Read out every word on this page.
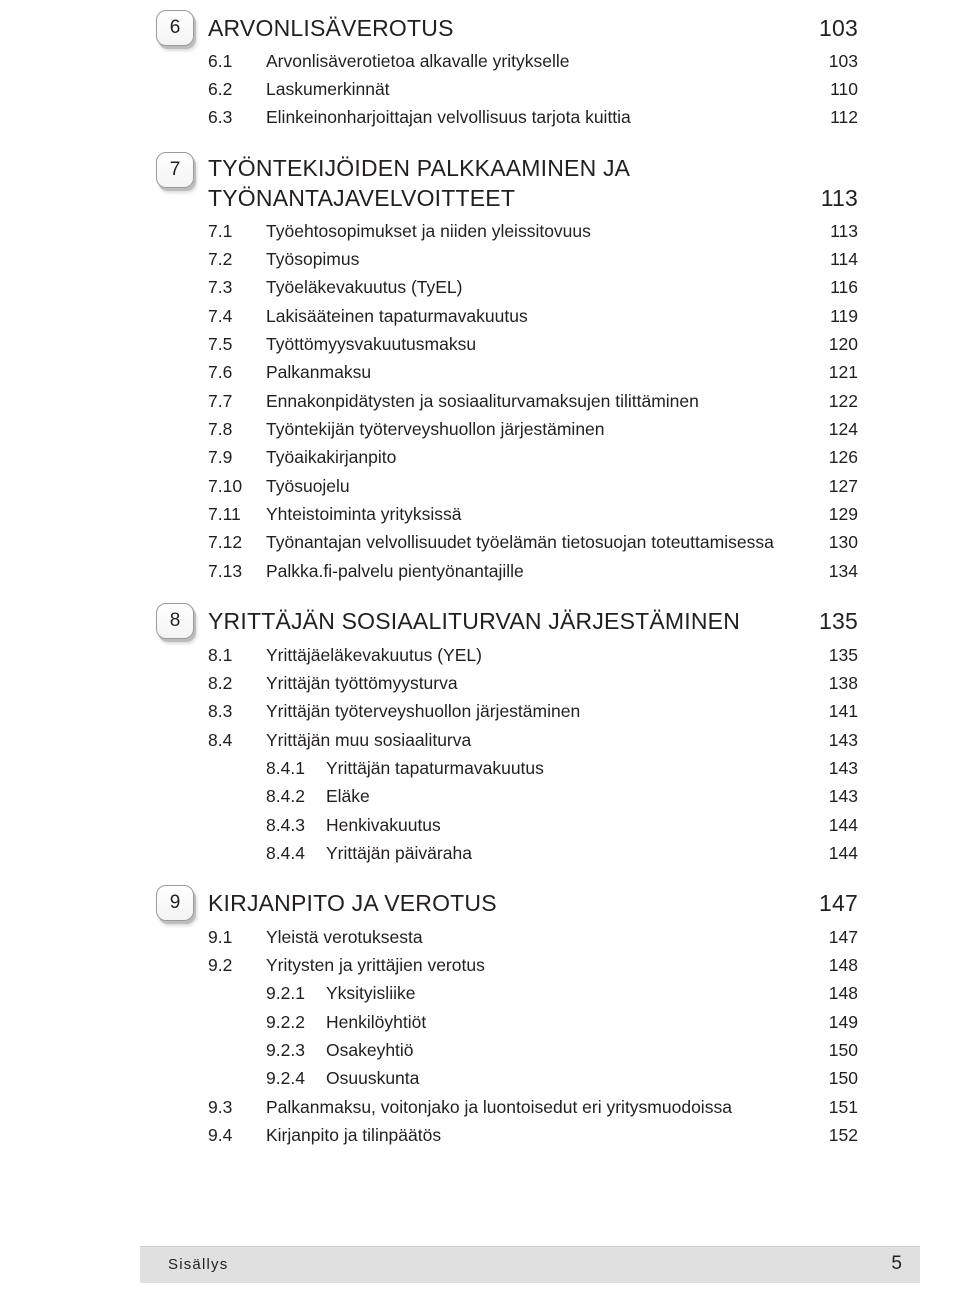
6	ARVONLISÄVEROTUS	103
6.1 Arvonlisäverotietoa alkavalle yritykselle	103
6.2 Laskumerkinnät	110
6.3 Elinkeinonharjoittajan velvollisuus tarjota kuittia	112
7	TYÖNTEKIJÖIDEN PALKKAAMINEN JA
TYÖNANTAJAVELVOITTEET	113
7.1 Työehtosopimukset ja niiden yleissitovuus	113
7.2 Työsopimus	114
7.3 Työeläkevakuutus (TyEL)	116
7.4 Lakisääteinen tapaturmavakuutus	119
7.5 Työttömyysvakuutusmaksu	120
7.6 Palkanmaksu	121
7.7 Ennakonpidätysten ja sosiaaliturvamaksujen tilittäminen	122
7.8 Työntekijän työterveyshuollon järjestäminen	124
7.9 Työaikakirjanpito	126
7.10 Työsuojelu	127
7.11 Yhteistoiminta yrityksissä	129
7.12 Työnantajan velvollisuudet työelämän tietosuojan toteuttamisessa	130
7.13 Palkka.fi-palvelu pientyönantajille	134
8	YRITTÄJÄN SOSIAALITURVAN JÄRJESTÄMINEN	135
8.1 Yrittäjäeläkevakuutus (YEL)	135
8.2 Yrittäjän työttömyysturva	138
8.3 Yrittäjän työterveyshuollon järjestäminen	141
8.4 Yrittäjän muu sosiaaliturva	143
8.4.1 Yrittäjän tapaturmavakuutus	143
8.4.2 Eläke	143
8.4.3 Henkivakuutus	144
8.4.4 Yrittäjän päiväraha	144
9	KIRJANPITO JA VEROTUS	147
9.1 Yleistä verotuksesta	147
9.2 Yritysten ja yrittäjien verotus	148
9.2.1 Yksityisliike	148
9.2.2 Henkilöyhtiöt	149
9.2.3 Osakeyhtiö	150
9.2.4 Osuuskunta	150
9.3 Palkanmaksu, voitonjako ja luontoisedut eri yritysmuodoissa	151
9.4 Kirjanpito ja tilinpäätös	152
Sisällys	5
